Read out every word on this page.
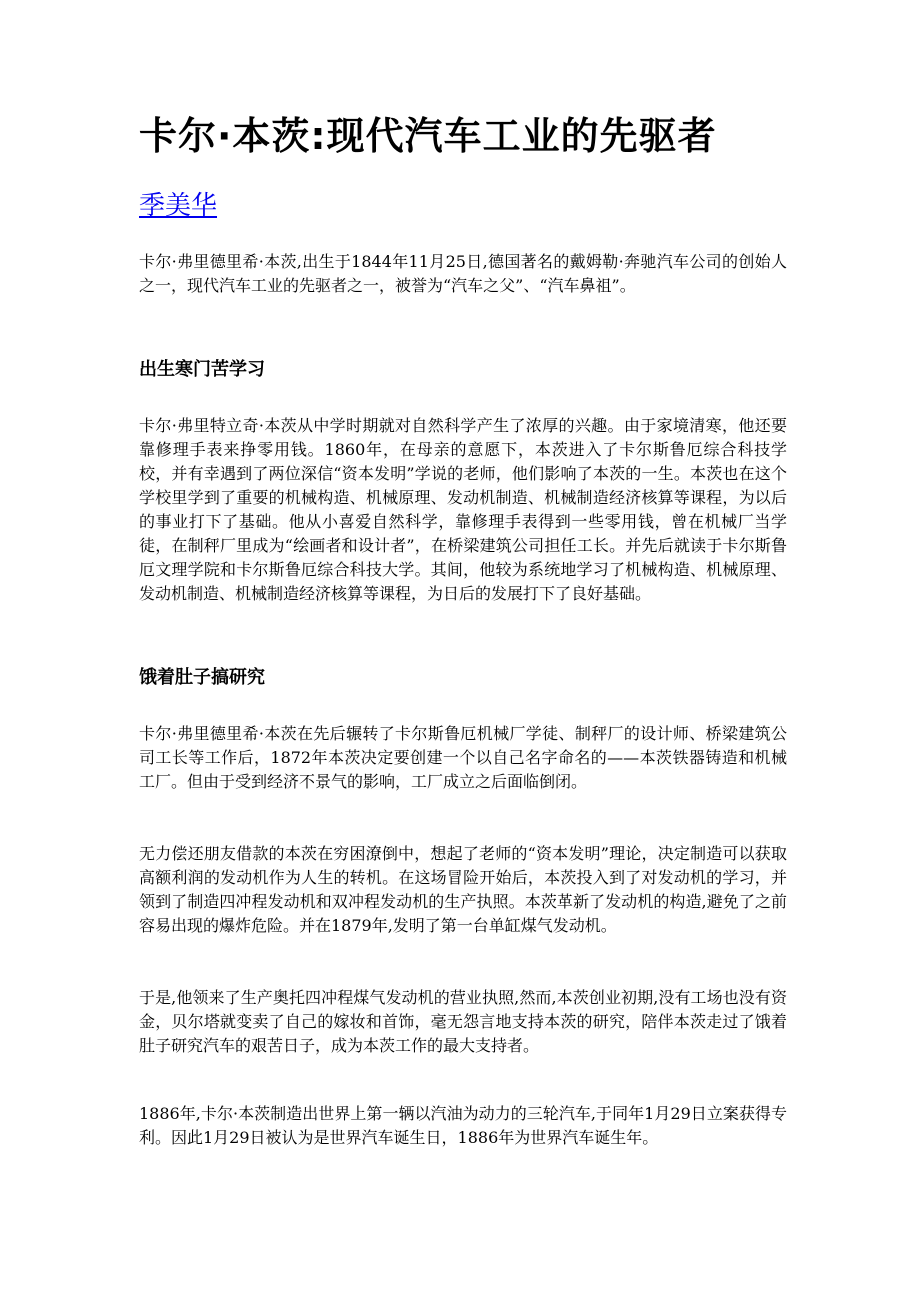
卡尔·本茨:现代汽车工业的先驱者
季美华

卡尔·弗里德里希·本茨,出生于1844年11月25日,德国著名的戴姆勒·奔驰汽车公司的创始人之一，现代汽车工业的先驱者之一，被誉为“汽车之父”、“汽车鼻祖”。

出生寒门苦学习

卡尔·弗里特立奇·本茨从中学时期就对自然科学产生了浓厚的兴趣。由于家境清寒，他还要靠修理手表来挣零用钱。1860年，在母亲的意愿下，本茨进入了卡尔斯鲁厄综合科技学校，并有幸遇到了两位深信“资本发明”学说的老师，他们影响了本茨的一生。本茨也在这个学校里学到了重要的机械构造、机械原理、发动机制造、机械制造经济核算等课程，为以后的事业打下了基础。他从小喜爱自然科学，靠修理手表得到一些零用钱，曾在机械厂当学徒，在制秤厂里成为“绘画者和设计者”，在桥梁建筑公司担任工长。并先后就读于卡尔斯鲁厄文理学院和卡尔斯鲁厄综合科技大学。其间，他较为系统地学习了机械构造、机械原理、发动机制造、机械制造经济核算等课程，为日后的发展打下了良好基础。

饿着肚子搞研究

卡尔·弗里德里希·本茨在先后辗转了卡尔斯鲁厄机械厂学徒、制秤厂的设计师、桥梁建筑公司工长等工作后，1872年本茨决定要创建一个以自己名字命名的——本茨铁器铸造和机械工厂。但由于受到经济不景气的影响，工厂成立之后面临倒闭。

无力偿还朋友借款的本茨在穷困潦倒中，想起了老师的“资本发明”理论，决定制造可以获取高额利润的发动机作为人生的转机。在这场冒险开始后，本茨投入到了对发动机的学习，并领到了制造四冲程发动机和双冲程发动机的生产执照。本茨革新了发动机的构造,避免了之前容易出现的爆炸危险。并在1879年,发明了第一台单缸煤气发动机。

于是,他领来了生产奥托四冲程煤气发动机的营业执照,然而,本茨创业初期,没有工场也没有资金，贝尔塔就变卖了自己的嫁妆和首饰，毫无怨言地支持本茨的研究，陪伴本茨走过了饿着肚子研究汽车的艰苦日子，成为本茨工作的最大支持者。

1886年,卡尔·本茨制造出世界上第一辆以汽油为动力的三轮汽车,于同年1月29日立案获得专利。因此1月29日被认为是世界汽车诞生日，1886年为世界汽车诞生年。
